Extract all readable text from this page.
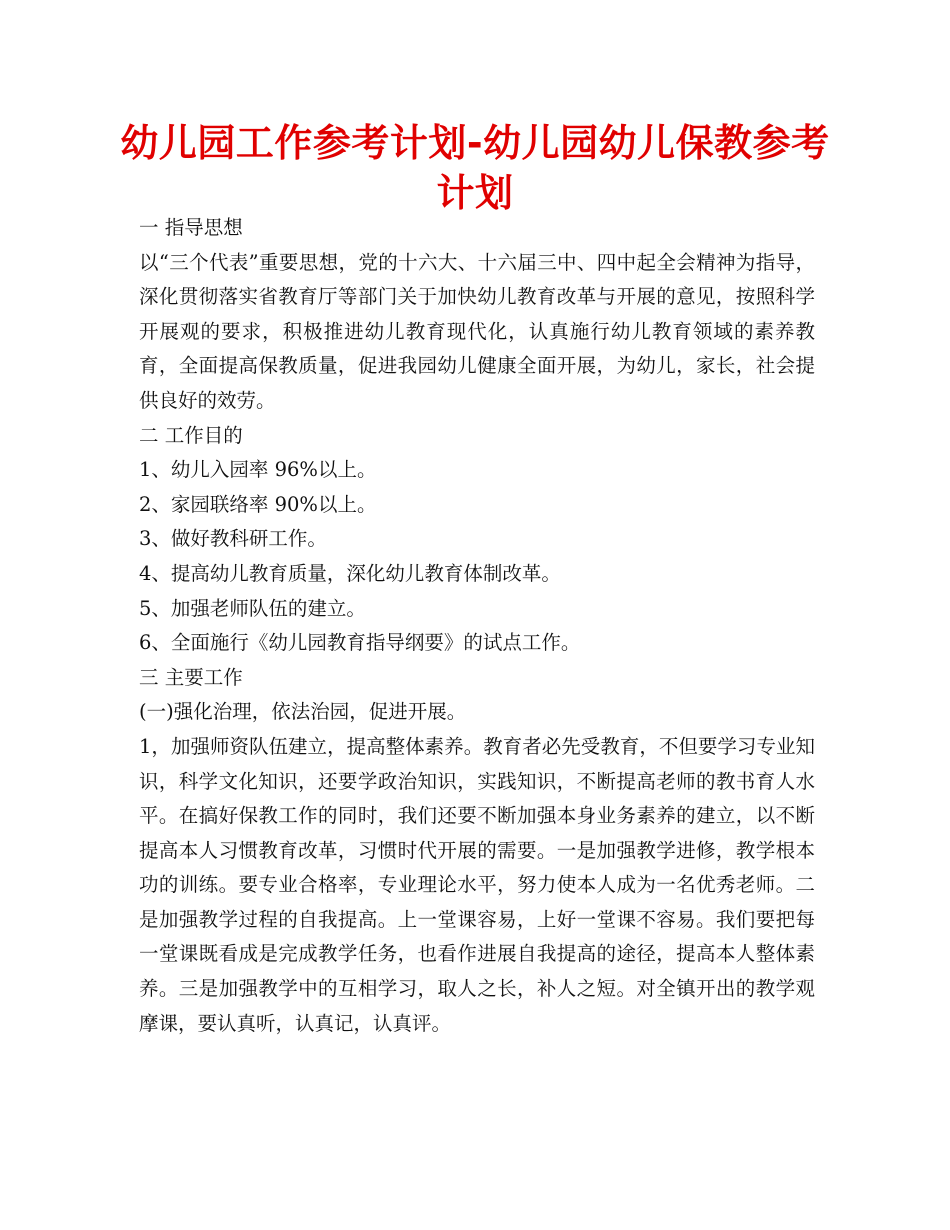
幼儿园工作参考计划-幼儿园幼儿保教参考计划

一 指导思想

以“三个代表”重要思想，党的十六大、十六届三中、四中起全会精神为指导，深化贯彻落实省教育厅等部门关于加快幼儿教育改革与开展的意见，按照科学开展观的要求，积极推进幼儿教育现代化，认真施行幼儿教育领域的素养教育，全面提高保教质量，促进我园幼儿健康全面开展，为幼儿，家长，社会提供良好的效劳。

二 工作目的

1、幼儿入园率 96%以上。

2、家园联络率 90%以上。

3、做好教科研工作。

4、提高幼儿教育质量，深化幼儿教育体制改革。

5、加强老师队伍的建立。

6、全面施行《幼儿园教育指导纲要》的试点工作。

三 主要工作

(一)强化治理，依法治园，促进开展。

1，加强师资队伍建立，提高整体素养。教育者必先受教育，不但要学习专业知识，科学文化知识，还要学政治知识，实践知识，不断提高老师的教书育人水平。在搞好保教工作的同时，我们还要不断加强本身业务素养的建立，以不断提高本人习惯教育改革，习惯时代开展的需要。一是加强教学进修，教学根本功的训练。要专业合格率，专业理论水平，努力使本人成为一名优秀老师。二是加强教学过程的自我提高。上一堂课容易，上好一堂课不容易。我们要把每一堂课既看成是完成教学任务，也看作进展自我提高的途径，提高本人整体素养。三是加强教学中的互相学习，取人之长，补人之短。对全镇开出的教学观摩课，要认真听，认真记，认真评。
